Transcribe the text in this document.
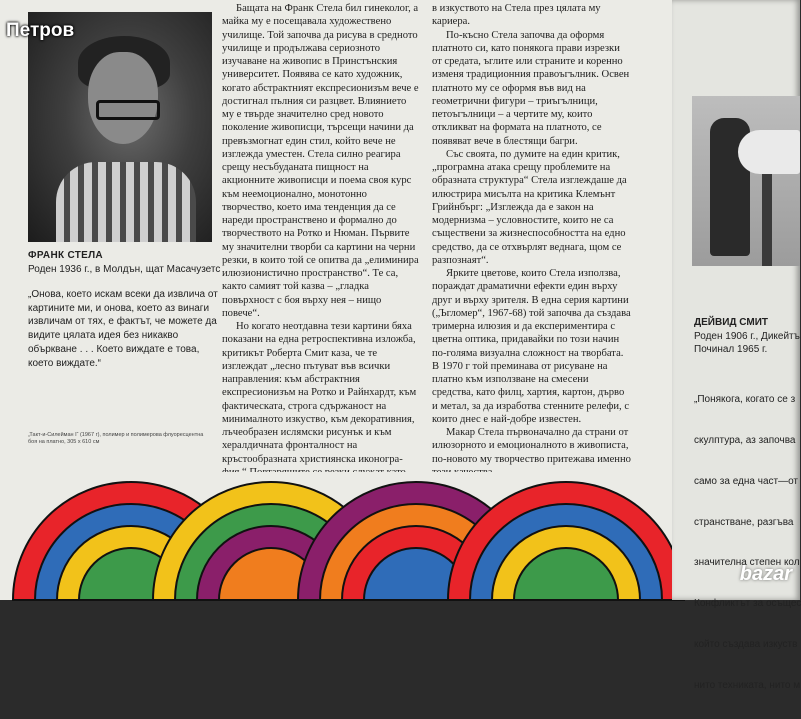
ФРАНК СТЕЛА
Роден 1936 г., в Молдън, щат Масачузетс
„Онова, което искам всеки да извлича от картините ми, и онова, което аз винаги извличам от тях, е фактът, че можете да видите цялата идея без никакво объркване . . . Което виждате е това, което виждате.“
„Такт-и-Силейман I“ (1967 г), полимер и полимерова флуоресцентна боя на платно, 305 х 610 см

Бащата на Франк Стела бил гинеколог, а майка му е посещавала художествено училище. Той започва да рисува в средното училище и продължава сериозното изучаване на живопис в Принстънския университет. Появява се като художник, когато абстрактният експресионизъм вече е достигнал пълния си разцвет. Влиянието му е твърде значително сред новото поколение живописци, търсещи начини да превъзмогнат един стил, който вече не изглежда уместен. Стела силно реагира срещу несъбуданата пищност на акционните живописци и поема своя курс към неемоционално, монотонно творчество, което има тенденция да се нареди пространствено и формално до творчеството на Ротко и Нюман. Първите му значителни творби са картини на черни резки, в които той се опитва да „елиминира илюзионистично пространство“. Те са, както самият той казва – „гладка повърхност с боя върху нея – нищо повече“.

Но когато неотдавна тези картини бяха показани на една ретроспективна изложба, критикът Роберта Смит каза, че те изглеждат „лесно пътуват във всички направления: към абстрактния експресионизъм на Ротко и Райнхардт, към фактическата, строга сдържаност на минималното изкуство, към декоративния, лъчеобразен ислямски рисунък и към хералдичната фронталност на кръстообразната християнска иконогра-

в изкуството на Стела през цялата му кариера.

По-късно Стела започва да оформя платното си, като понякога прави изрезки от средата, ъглите или страните и коренно изменя традиционния правоъгълник. Освен платното му се оформя във вид на геометрични фигури – триъгълници, петоъгълници – а чертите му, които откликват на формата на платното, се появяват вече в блестящи багри.

Със своята, по думите на един критик, „програмна атака срещу проблемите на образната структура“ Стела изглеждаше да илюстрира мисълта на критика Клемънт Грийнбърг: „Изглежда да е закон на модернизма – условностите, които не са съществени за жизнеспособността на едно средство, да се отхвърлят веднага, щом се разпознаят“.

Ярките цветове, които Стела използва, пораждат драматични ефекти един върху друг и върху зрителя. В една серия картини („Ъгломер“, 1967-68) той започва да създава тримерна илюзия и да експериментира с цветна оптика, придавайки по този начин по-голяма визуална сложност на творбата. В 1970 г той преминава от рисуване на платно към използване на смесени средства, като филц, хартия, картон, дърво и метал, за да изработва стенните релефи, с които днес е най-добре известен.

Макар Стела първоначално да страни от илюзорното и емоционалното в живописта, по-новото му творчество притежава именно

ДЕЙВИД СМИТ
Роден 1906 г., Дикейтъ
Починал 1965 г.

„Понякога, когато се з

скулптура, аз започва

само за една част—от

странстване, разгъва

значителна степен кол

Конфликтът за осъщес

който създава изкуств

нито техниката, нито м

Петров
bazar
